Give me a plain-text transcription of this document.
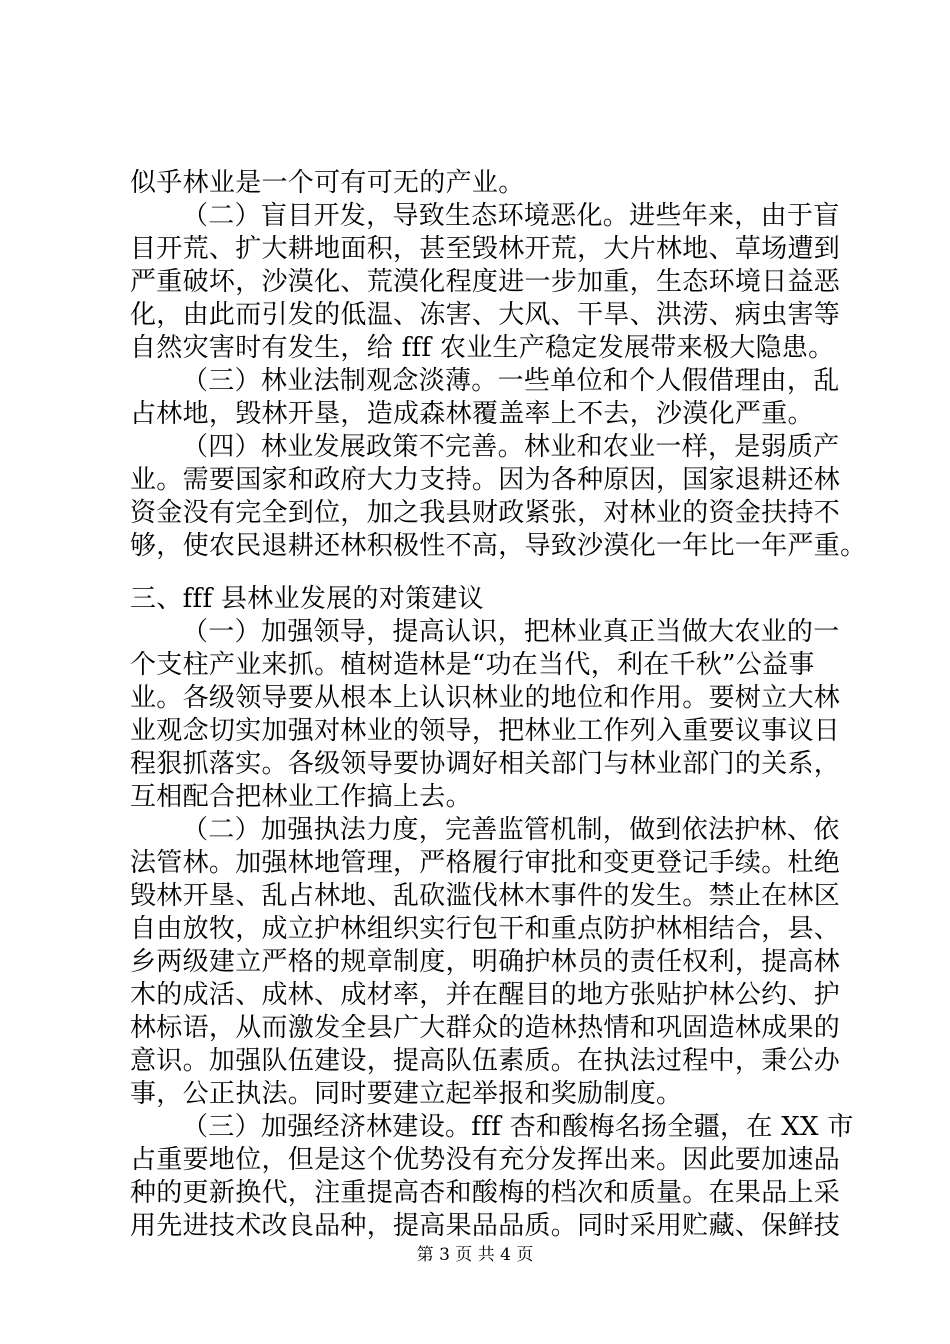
似乎林业是一个可有可无的产业。
（二）盲目开发，导致生态环境恶化。进些年来，由于盲
目开荒、扩大耕地面积，甚至毁林开荒，大片林地、草场遭到
严重破坏，沙漠化、荒漠化程度进一步加重，生态环境日益恶
化，由此而引发的低温、冻害、大风、干旱、洪涝、病虫害等
自然灾害时有发生，给 fff 农业生产稳定发展带来极大隐患。
（三）林业法制观念淡薄。一些单位和个人假借理由，乱
占林地，毁林开垦，造成森林覆盖率上不去，沙漠化严重。
（四）林业发展政策不完善。林业和农业一样，是弱质产
业。需要国家和政府大力支持。因为各种原因，国家退耕还林
资金没有完全到位，加之我县财政紧张，对林业的资金扶持不
够，使农民退耕还林积极性不高，导致沙漠化一年比一年严重。
三、fff 县林业发展的对策建议
（一）加强领导，提高认识，把林业真正当做大农业的一
个支柱产业来抓。植树造林是“功在当代，利在千秋”公益事
业。各级领导要从根本上认识林业的地位和作用。要树立大林
业观念切实加强对林业的领导，把林业工作列入重要议事议日
程狠抓落实。各级领导要协调好相关部门与林业部门的关系，
互相配合把林业工作搞上去。
（二）加强执法力度，完善监管机制，做到依法护林、依
法管林。加强林地管理，严格履行审批和变更登记手续。杜绝
毁林开垦、乱占林地、乱砍滥伐林木事件的发生。禁止在林区
自由放牧，成立护林组织实行包干和重点防护林相结合，县、
乡两级建立严格的规章制度，明确护林员的责任权利，提高林
木的成活、成林、成材率，并在醒目的地方张贴护林公约、护
林标语，从而激发全县广大群众的造林热情和巩固造林成果的
意识。加强队伍建设，提高队伍素质。在执法过程中，秉公办
事，公正执法。同时要建立起举报和奖励制度。
（三）加强经济林建设。fff 杏和酸梅名扬全疆，在 XX 市
占重要地位，但是这个优势没有充分发挥出来。因此要加速品
种的更新换代，注重提高杏和酸梅的档次和质量。在果品上采
用先进技术改良品种，提高果品品质。同时采用贮藏、保鲜技
第 3 页 共 4 页
